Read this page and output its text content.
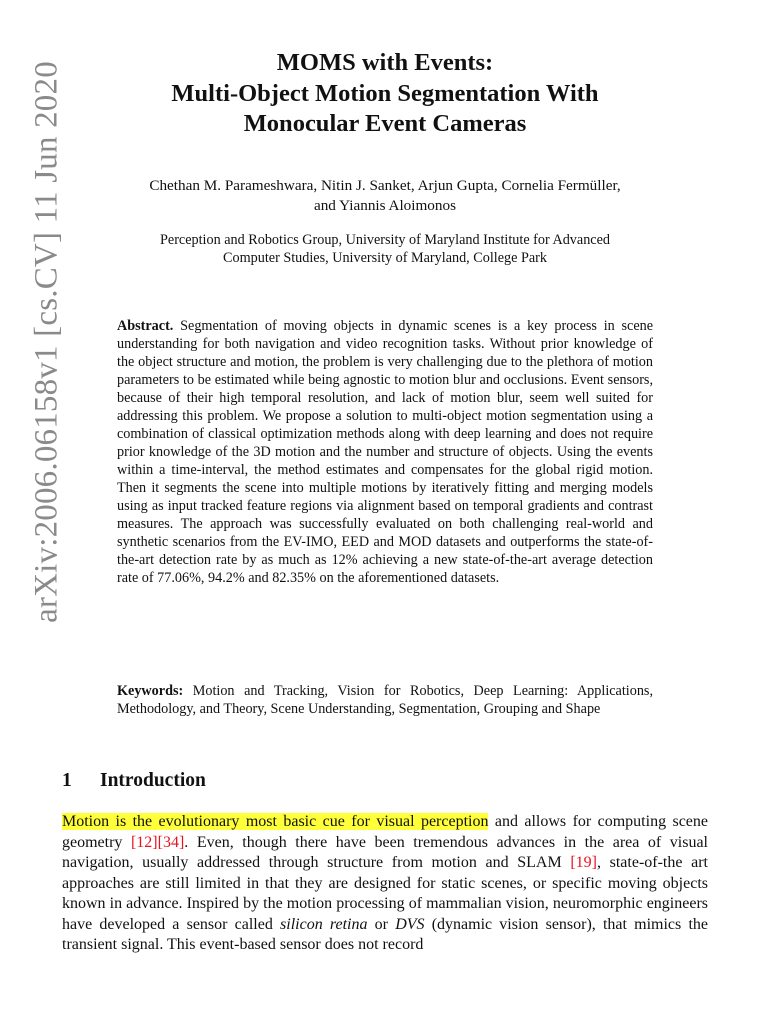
arXiv:2006.06158v1 [cs.CV] 11 Jun 2020	MOMS with Events:
Multi-Object Motion Segmentation With
Monocular Event Cameras
Chethan M. Parameshwara, Nitin J. Sanket, Arjun Gupta, Cornelia Fermüller,
and Yiannis Aloimonos
Perception and Robotics Group, University of Maryland Institute for Advanced
Computer Studies, University of Maryland, College Park
Abstract. Segmentation of moving objects in dynamic scenes is a key process in scene understanding for both navigation and video recognition tasks. Without prior knowledge of the object structure and motion, the problem is very challenging due to the plethora of motion parameters to be estimated while being agnostic to motion blur and occlusions. Event sensors, because of their high temporal resolution, and lack of motion blur, seem well suited for addressing this problem. We propose a solution to multi-object motion segmentation using a combination of classical optimization methods along with deep learning and does not require prior knowledge of the 3D motion and the number and structure of objects. Using the events within a time-interval, the method estimates and compensates for the global rigid motion. Then it segments the scene into multiple motions by iteratively fitting and merging models using as input tracked feature regions via alignment based on temporal gradients and contrast measures. The approach was successfully evaluated on both challenging real-world and synthetic scenarios from the EV-IMO, EED and MOD datasets and outperforms the state-of-the-art detection rate by as much as 12% achieving a new state-of-the-art average detection rate of 77.06%, 94.2% and 82.35% on the aforementioned datasets.
Keywords: Motion and Tracking, Vision for Robotics, Deep Learning: Applications, Methodology, and Theory, Scene Understanding, Segmentation, Grouping and Shape
1 Introduction
Motion is the evolutionary most basic cue for visual perception and allows for computing scene geometry [12][34]. Even, though there have been tremendous advances in the area of visual navigation, usually addressed through structure from motion and SLAM [19], state-of-the art approaches are still limited in that they are designed for static scenes, or specific moving objects known in advance. Inspired by the motion processing of mammalian vision, neuromorphic engineers have developed a sensor called silicon retina or DVS (dynamic vision sensor), that mimics the transient signal. This event-based sensor does not record
